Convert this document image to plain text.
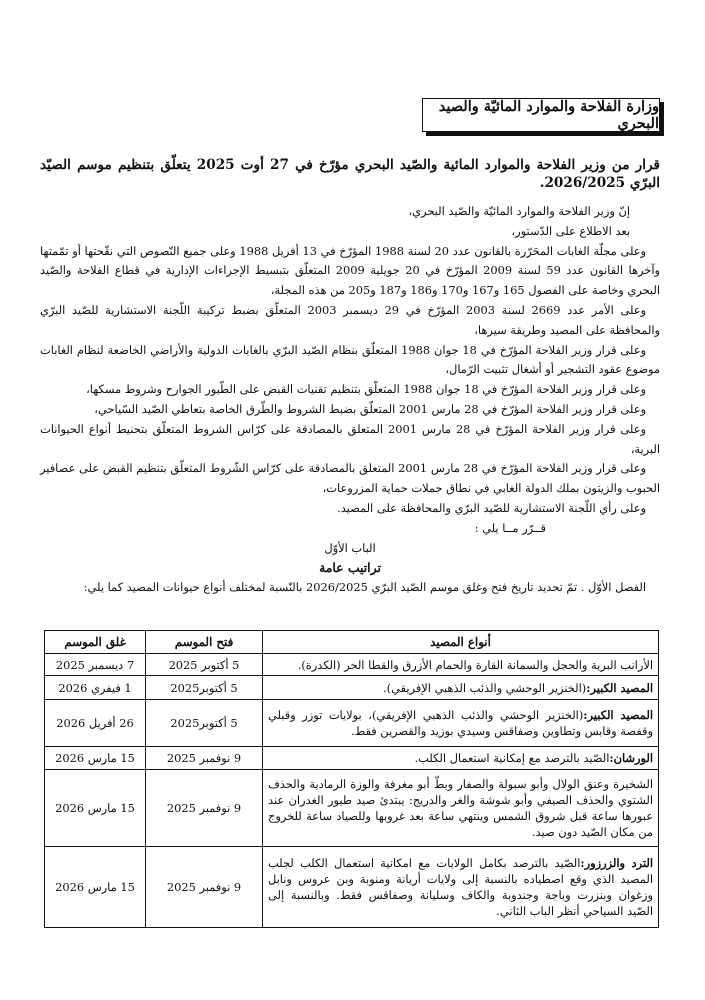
وزارة الفلاحة والموارد المائيّة والصيد البحري
قرار من وزير الفلاحة والموارد المائية والصّيد البحري مؤرّخ في 27 أوت 2025 يتعلّق بتنظيم موسم الصيّد البرّي 2026/2025.

إنّ وزير الفلاحة والموارد المائيّة والصّيد البحري،

بعد الاطلاع على الدّستور،

وعلى مجلّة الغابات المحَرّرة بالقانون عدد 20 لسنة 1988 المؤرّخ في 13 أفريل 1988 وعلى جميع النّصوص التي نقّحتها أو تمّمتها وآخرها القانون عدد 59 لسنة 2009 المؤرّخ في 20 جويلية 2009 المتعلّق بتبسيط الإجراءات الإدارية في قطاع الفلاحة والصّيد البحري وخاصة على الفصول 165 و167 و170 و186 و187 و205 من هذه المجلة،

وعلى الأمر عدد 2669 لسنة 2003 المؤرّخ في 29 ديسمبر 2003 المتعلّق بضبط تركيبة اللّجنة الاستشارية للصّيد البرّي والمحافظة على المصيد وطريقة سيرها،

وعلى قرار وزير الفلاحة المؤرّخ في 18 جوان 1988 المتعلّق بنظام الصّيد البرّي بالغابات الدولية والأراضي الخاضعة لنظام الغابات موضوع عقود التشجير أو أشغال تثبيت الرّمال،

وعلى قرار وزير الفلاحة المؤرّخ في 18 جوان 1988 المتعلّق بتنظيم تقنيات القبض على الطّيور الجوارح وشروط مسكها،

وعلى قرار وزير الفلاحة المؤرّخ في 28 مارس 2001 المتعلّق بضبط الشروط والطّرق الخاصة بتعاطي الصّيد السّياحي،

وعلى قرار وزير الفلاحة المؤرّخ في 28 مارس 2001 المتعلق بالمصادقة على كرّاس الشروط المتعلّق بتحنيط أنواع الحيوانات البرية،

وعلى قرار وزير الفلاحة المؤرّخ في 28 مارس 2001 المتعلق بالمصادقة على كرّاس الشّروط المتعلّق بتنظيم القبض على عصافير الحبوب والزيتون بملك الدولة الغابي في نطاق حملات حماية المزروعات،

وعلى رأي اللّجنة الاستشارية للصّيد البرّي والمحافظة على المصيد.

قــرّر مــا يلي :

الباب الأوّل

تراتيب عامة

الفصل الأوّل . تمّ تحديد تاريخ فتح وغلق موسم الصّيد البرّي 2026/2025 بالنّسبة لمختلف أنواع حيوانات المصيد كما يلي:

أنواع المصيد	فتح الموسم	غلق الموسم
الأرانب البرية والحجل والسمانة القارة والحمام الأزرق والقطا الحر (الكدرة).	5 أكتوبر 2025	7 ديسمبر 2025
المصيد الكبير:(الخنزير الوحشي والذئب الذهبي الإفريقي).	5 أكتوبر2025	1 فيفري 2026
المصيد الكبير:(الخنزير الوحشي والذئب الذهبي الإفريقي)، بولايات توزر وقبلي وقفصة وقابس وتطاوين وصفاقس وسيدي بوزيد والقصرين فقط.	5 أكتوبر2025	26 أفريل 2026
الورشان:الصّيد بالترصد مع إمكانية استعمال الكلب.	9 نوفمبر 2025	15 مارس 2026
الشخيرة وعنق الولال وأبو سبولة والصفار وبطّ أبو مغرفة والوزة الرمادية والحذف الشتوي والحذف الصيفي وأبو شوشة والغر والدريج: يبتدئ صيد طيور الغدران عند عبورها ساعة قبل شروق الشمس وينتهي ساعة بعد غروبها وللصياد ساعة للخروج من مكان الصّيد دون صيد.	9 نوفمبر 2025	15 مارس 2026
الترد والزرزور:الصّيد بالترصد بكامل الولايات مع امكانية استعمال الكلب لجلب المصيد الذي وقع اصطياده بالنسبة إلى ولايات أريانة ومنوبة وبن عروس ونابل وزغوان وبنزرت وباجة وجندوبة والكاف وسليانة وصفاقس فقط. وبالنسبة إلى الصّيد السياحي أنظر الباب الثاني.	9 نوفمبر 2025	15 مارس 2026
